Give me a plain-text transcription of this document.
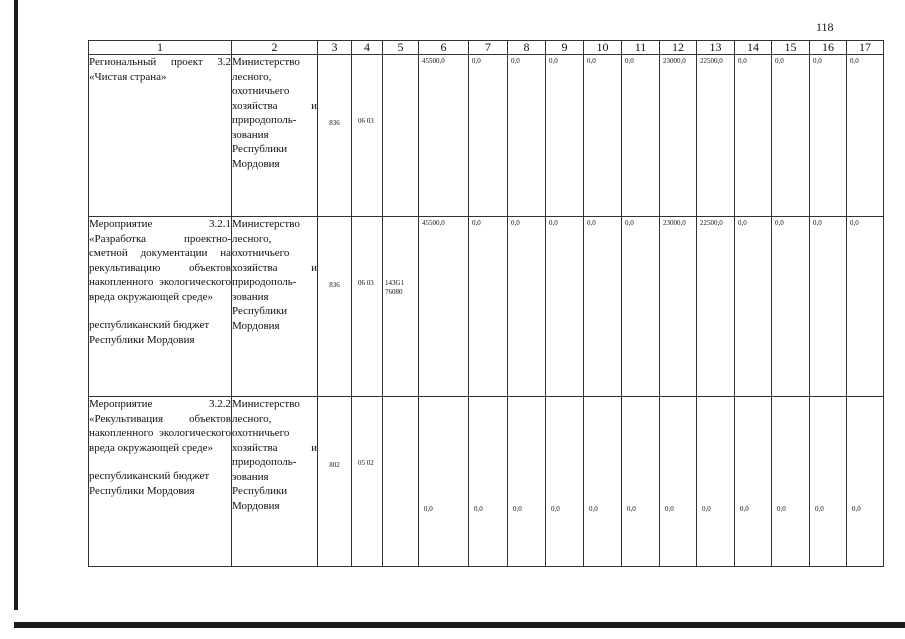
118
1	2	3	4	5	6	7	8	9	10	11	12	13	14	15	16	17
Региональный проект 3.2 «Чистая страна»	Министерство лесного, охотничьего хозяйства и природополь-зования Республики Мордовия	836	06 03		45500,0	0,0	0,0	0,0	0,0	0,0	23000,0	22500,0	0,0	0,0	0,0	0,0

Мероприятие 3.2.1 «Разработка проектно-сметной документации на рекультивацию объектов накопленного экологического вреда окружающей среде»
республиканский бюджет Республики Мордовия	Министерство лесного, охотничьего хозяйства и природополь-зования Республики Мордовия	836	06 03	143G1 76080	45500,0	0,0	0,0	0,0	0,0	0,0	23000,0	22500,0	0,0	0,0	0,0	0,0

Мероприятие 3.2.2 «Рекультивация объектов накопленного экологического вреда окружающей среде»
республиканский бюджет Республики Мордовия	Министерство лесного, охотничьего хозяйства и природополь-зования Республики Мордовия	802	05 02		0,0	0,0	0,0	0,0	0,0	0,0	0,0	0,0	0,0	0,0	0,0	0,0
